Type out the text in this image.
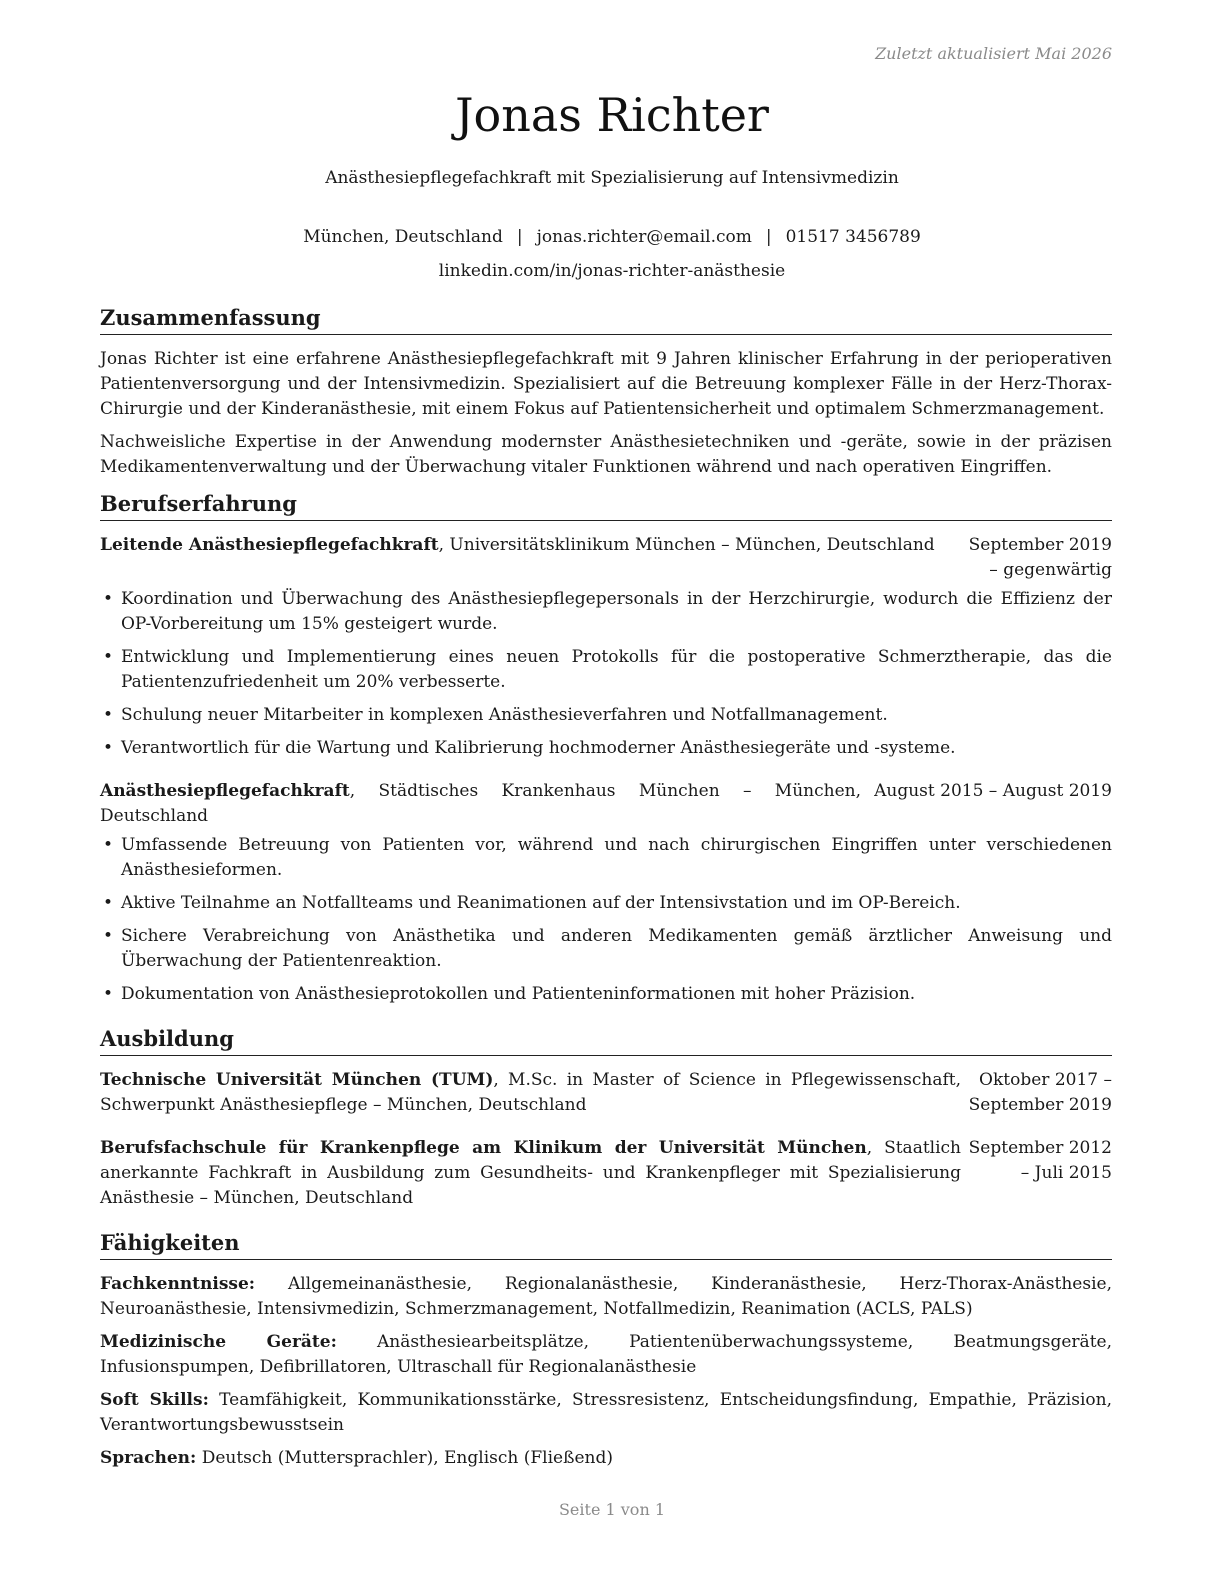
Zuletzt aktualisiert Mai 2026
Jonas Richter
Anästhesiepflegefachkraft mit Spezialisierung auf Intensivmedizin
München, Deutschland | jonas.richter@email.com | 01517 3456789
linkedin.com/in/jonas-richter-anästhesie
Zusammenfassung

Jonas Richter ist eine erfahrene Anästhesiepflegefachkraft mit 9 Jahren klinischer Erfahrung in der perioperativen Patientenversorgung und der Intensivmedizin. Spezialisiert auf die Betreuung komplexer Fälle in der Herz-Thorax-Chirurgie und der Kinderanästhesie, mit einem Fokus auf Patientensicherheit und optimalem Schmerzmanagement.

Nachweisliche Expertise in der Anwendung modernster Anästhesietechniken und -geräte, sowie in der präzisen Medikamentenverwaltung und der Überwachung vitaler Funktionen während und nach operativen Eingriffen.

Berufserfahrung
Leitende Anästhesiepflegefachkraft, Universitätsklinikum München – München, Deutschland	September 2019 – gegenwärtig
• Koordination und Überwachung des Anästhesiepflegepersonals in der Herzchirurgie, wodurch die Effizienz der OP-Vorbereitung um 15% gesteigert wurde.
• Entwicklung und Implementierung eines neuen Protokolls für die postoperative Schmerztherapie, das die Patientenzufriedenheit um 20% verbesserte.
• Schulung neuer Mitarbeiter in komplexen Anästhesieverfahren und Notfallmanagement.
• Verantwortlich für die Wartung und Kalibrierung hochmoderner Anästhesiegeräte und -systeme.
Anästhesiepflegefachkraft, Städtisches Krankenhaus München – München, Deutschland
August 2015 – August 2019
• Umfassende Betreuung von Patienten vor, während und nach chirurgischen Eingriffen unter verschiedenen Anästhesieformen.
• Aktive Teilnahme an Notfallteams und Reanimationen auf der Intensivstation und im OP-Bereich.
• Sichere Verabreichung von Anästhetika und anderen Medikamenten gemäß ärztlicher Anweisung und Überwachung der Patientenreaktion.
• Dokumentation von Anästhesieprotokollen und Patienteninformationen mit hoher Präzision.
Ausbildung
Technische Universität München (TUM), M.Sc. in Master of Science in Pflegewissenschaft, Schwerpunkt Anästhesiepflege – München, Deutschland
Oktober 2017 – September 2019
Berufsfachschule für Krankenpflege am Klinikum der Universität München, Staatlich anerkannte Fachkraft in Ausbildung zum Gesundheits- und Krankenpfleger mit Spezialisierung Anästhesie – München, Deutschland
September 2012 – Juli 2015
Fähigkeiten
Fachkenntnisse: Allgemeinanästhesie, Regionalanästhesie, Kinderanästhesie, Herz-Thorax-Anästhesie, Neuroanästhesie, Intensivmedizin, Schmerzmanagement, Notfallmedizin, Reanimation (ACLS, PALS)
Medizinische Geräte: Anästhesiearbeitsplätze, Patientenüberwachungssysteme, Beatmungsgeräte, Infusionspumpen, Defibrillatoren, Ultraschall für Regionalanästhesie
Soft Skills: Teamfähigkeit, Kommunikationsstärke, Stressresistenz, Entscheidungsfindung, Empathie, Präzision, Verantwortungsbewusstsein
Sprachen: Deutsch (Muttersprachler), Englisch (Fließend)
Seite 1 von 1
